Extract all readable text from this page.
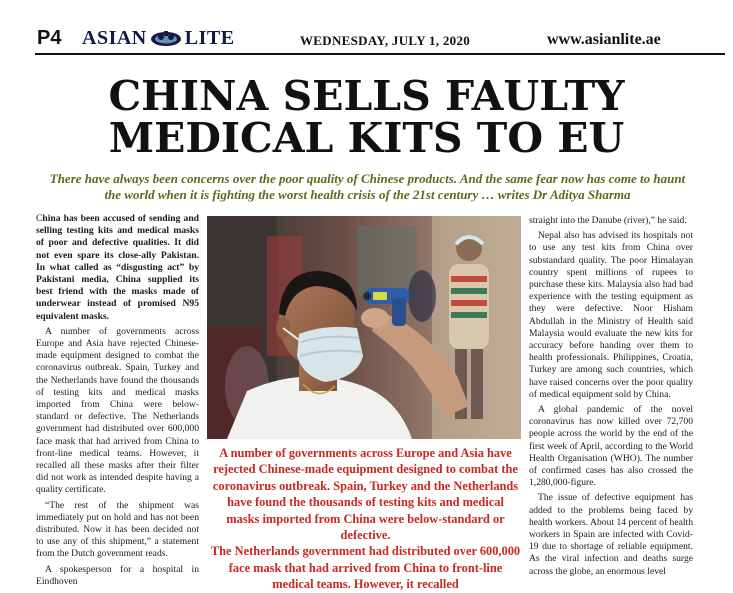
P4 ASIAN LITE	WEDNESDAY, JULY 1, 2020	www.asianlite.ae
CHINA SELLS FAULTY
MEDICAL KITS TO EU
There have always been concerns over the poor quality of Chinese products. And the same fear now has come to haunt the world when it is fighting the worst health crisis of the 21st century … writes Dr Aditya Sharma

China has been accused of sending and selling testing kits and medical masks of poor and defective qualities. It did not even spare its close-ally Pakistan. In what called as “disgusting act” by Pakistani media, China supplied its best friend with the masks made of underwear instead of promised N95 equivalent masks.

A number of governments across Europe and Asia have rejected Chinese-made equipment designed to combat the coronavirus outbreak. Spain, Turkey and the Netherlands have found the thousands of testing kits and medical masks imported from China were below-standard or defective. The Netherlands government had distributed over 600,000 face mask that had arrived from China to front-line medical teams. However, it recalled all these masks after their filter did not work as intended despite having a quality certificate.

“The rest of the shipment was immediately put on hold and has not been distributed. Now it has been decided not to use any of this shipment,” a statement from the Dutch government reads.

A spokesperson for a hospital in Eindhoven

A number of governments across Europe and Asia have rejected Chinese-made equipment designed to combat the coronavirus outbreak. Spain, Turkey and the Netherlands have found the thousands of testing kits and medical masks imported from China were below-standard or defective.
The Netherlands government had distributed over 600,000 face mask that had arrived from China to front-line medical teams. However, it recalled

straight into the Danube (river),” he said.

Nepal also has advised its hospitals not to use any test kits from China over substandard quality. The poor Himalayan country spent millions of rupees to purchase these kits. Malaysia also had bad experience with the testing equipment as they were defective. Noor Hisham Abdullah in the Ministry of Health said Malaysia would evaluate the new kits for accuracy before handing over them to health professionals. Philippines, Croatia, Turkey are among such countries, which have raised concerns over the poor quality of medical equipment sold by China.

A global pandemic of the novel coronavirus has now killed over 72,700 people across the world by the end of the first week of April, according to the World Health Organisation (WHO). The number of confirmed cases has also crossed the 1,280,000-figure.

The issue of defective equipment has added to the problems being faced by health workers. About 14 percent of health workers in Spain are infected with Covid-19 due to shortage of reliable equipment. As the viral infection and deaths surge across the globe, an enormous level
